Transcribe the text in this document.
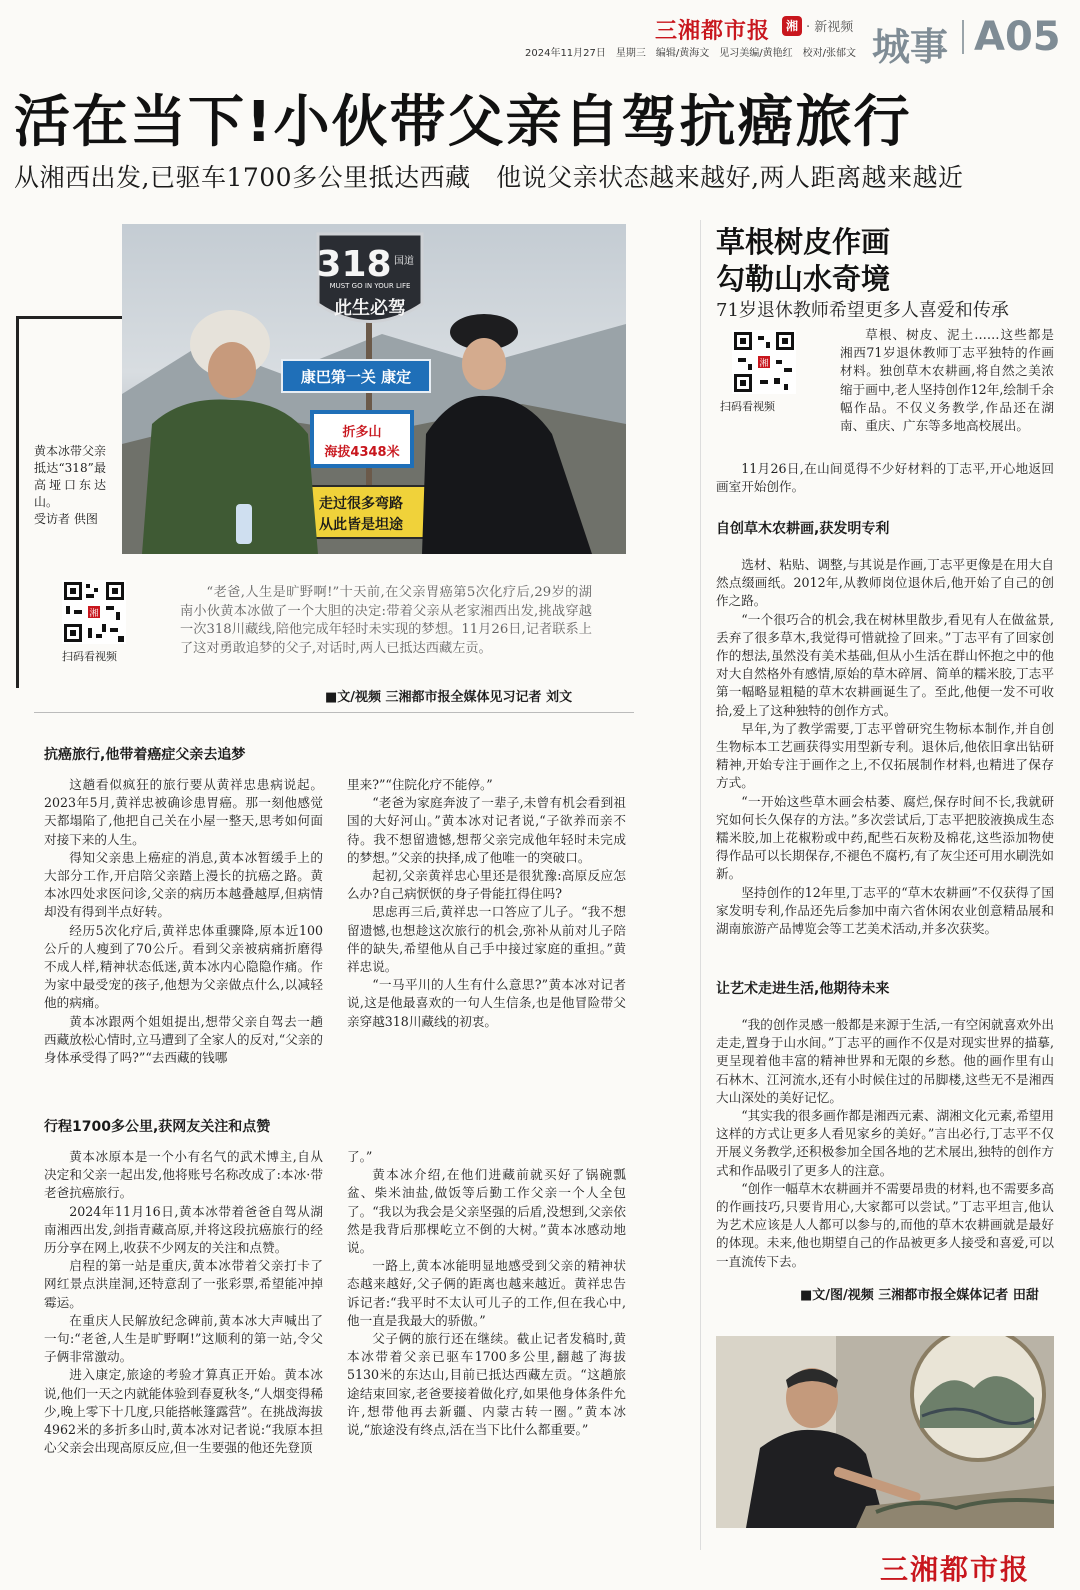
三湘都市报	湘 · 新视频
2024年11月27日　星期三　编辑/黄海文　见习美编/黄艳红　校对/张郁文 城事 A05
活在当下!小伙带父亲自驾抗癌旅行
从湘西出发,已驱车1700多公里抵达西藏　他说父亲状态越来越好,两人距离越来越近
318 国道
MUST GO IN YOUR LIFE
此生必驾
康巴第一关 康定
折多山
海拔4348米
走过很多弯路
从此皆是坦途
黄本冰带父亲抵达“318”最高垭口东达山。
受访者 供图
湘
扫码看视频

“老爸,人生是旷野啊!”十天前,在父亲胃癌第5次化疗后,29岁的湖南小伙黄本冰做了一个大胆的决定:带着父亲从老家湘西出发,挑战穿越一次318川藏线,陪他完成年轻时未实现的梦想。11月26日,记者联系上了这对勇敢追梦的父子,对话时,两人已抵达西藏左贡。

■文/视频 三湘都市报全媒体见习记者 刘文
抗癌旅行,他带着癌症父亲去追梦

这趟看似疯狂的旅行要从黄祥忠患病说起。2023年5月,黄祥忠被确诊患胃癌。那一刻他感觉天都塌陷了,他把自己关在小屋一整天,思考如何面对接下来的人生。

得知父亲患上癌症的消息,黄本冰暂缓手上的大部分工作,开启陪父亲踏上漫长的抗癌之路。黄本冰四处求医问诊,父亲的病历本越叠越厚,但病情却没有得到半点好转。

经历5次化疗后,黄祥忠体重骤降,原本近100公斤的人瘦到了70公斤。看到父亲被病痛折磨得不成人样,精神状态低迷,黄本冰内心隐隐作痛。作为家中最受宠的孩子,他想为父亲做点什么,以减轻他的病痛。

黄本冰跟两个姐姐提出,想带父亲自驾去一趟西藏放松心情时,立马遭到了全家人的反对,“父亲的身体承受得了吗?”“去西藏的钱哪

里来?”“住院化疗不能停。”

“老爸为家庭奔波了一辈子,未曾有机会看到祖国的大好河山。”黄本冰对记者说,“子欲养而亲不待。我不想留遗憾,想帮父亲完成他年轻时未完成的梦想。”父亲的抉择,成了他唯一的突破口。

起初,父亲黄祥忠心里还是很犹豫:高原反应怎么办?自己病恹恹的身子骨能扛得住吗?

思虑再三后,黄祥忠一口答应了儿子。“我不想留遗憾,也想趁这次旅行的机会,弥补从前对儿子陪伴的缺失,希望他从自己手中接过家庭的重担。”黄祥忠说。

“一马平川的人生有什么意思?”黄本冰对记者说,这是他最喜欢的一句人生信条,也是他冒险带父亲穿越318川藏线的初衷。

行程1700多公里,获网友关注和点赞

黄本冰原本是一个小有名气的武术博主,自从决定和父亲一起出发,他将账号名称改成了:本冰·带老爸抗癌旅行。

2024年11月16日,黄本冰带着爸爸自驾从湖南湘西出发,剑指青藏高原,并将这段抗癌旅行的经历分享在网上,收获不少网友的关注和点赞。

启程的第一站是重庆,黄本冰带着父亲打卡了网红景点洪崖洞,还特意刮了一张彩票,希望能冲掉霉运。

在重庆人民解放纪念碑前,黄本冰大声喊出了一句:“老爸,人生是旷野啊!”这顺利的第一站,令父子俩非常激动。

进入康定,旅途的考验才算真正开始。黄本冰说,他们一天之内就能体验到春夏秋冬,“人烟变得稀少,晚上零下十几度,只能搭帐篷露营”。在挑战海拔4962米的多折多山时,黄本冰对记者说:“我原本担心父亲会出现高原反应,但一生要强的他还先登顶

了。”

黄本冰介绍,在他们进藏前就买好了锅碗瓢盆、柴米油盐,做饭等后勤工作父亲一个人全包了。“我以为我会是父亲坚强的后盾,没想到,父亲依然是我背后那棵屹立不倒的大树。”黄本冰感动地说。

一路上,黄本冰能明显地感受到父亲的精神状态越来越好,父子俩的距离也越来越近。黄祥忠告诉记者:“我平时不太认可儿子的工作,但在我心中,他一直是我最大的骄傲。”

父子俩的旅行还在继续。截止记者发稿时,黄本冰带着父亲已驱车1700多公里,翻越了海拔5130米的东达山,目前已抵达西藏左贡。“这趟旅途结束回家,老爸要接着做化疗,如果他身体条件允许,想带他再去新疆、内蒙古转一圈。”黄本冰说,“旅途没有终点,活在当下比什么都重要。”

草根树皮作画
勾勒山水奇境
71岁退休教师希望更多人喜爱和传承
湘
扫码看视频

草根、树皮、泥土……这些都是湘西71岁退休教师丁志平独特的作画材料。独创草木农耕画,将自然之美浓缩于画中,老人坚持创作12年,绘制千余幅作品。不仅义务教学,作品还在湖南、重庆、广东等多地高校展出。

11月26日,在山间觅得不少好材料的丁志平,开心地返回画室开始创作。

自创草木农耕画,获发明专利

选材、粘贴、调整,与其说是作画,丁志平更像是在用大自然点缀画纸。2012年,从教师岗位退休后,他开始了自己的创作之路。

“一个很巧合的机会,我在树林里散步,看见有人在做盆景,丢弃了很多草木,我觉得可惜就捡了回来。”丁志平有了回家创作的想法,虽然没有美术基础,但从小生活在群山怀抱之中的他对大自然格外有感情,原始的草木碎屑、简单的糯米胶,丁志平第一幅略显粗糙的草木农耕画诞生了。至此,他便一发不可收拾,爱上了这种独特的创作方式。

早年,为了教学需要,丁志平曾研究生物标本制作,并自创生物标本工艺画获得实用型新专利。退休后,他依旧拿出钻研精神,开始专注于画作之上,不仅拓展制作材料,也精进了保存方式。

“一开始这些草木画会枯萎、腐烂,保存时间不长,我就研究如何长久保存的方法。”多次尝试后,丁志平把胶液换成生态糯米胶,加上花椒粉或中药,配些石灰粉及棉花,这些添加物使得作品可以长期保存,不褪色不腐朽,有了灰尘还可用水刷洗如新。

坚持创作的12年里,丁志平的“草木农耕画”不仅获得了国家发明专利,作品还先后参加中南六省休闲农业创意精品展和湖南旅游产品博览会等工艺美术活动,并多次获奖。

让艺术走进生活,他期待未来

“我的创作灵感一般都是来源于生活,一有空闲就喜欢外出走走,置身于山水间。”丁志平的画作不仅是对现实世界的描摹,更呈现着他丰富的精神世界和无限的乡愁。他的画作里有山石林木、江河流水,还有小时候住过的吊脚楼,这些无不是湘西大山深处的美好记忆。

“其实我的很多画作都是湘西元素、湖湘文化元素,希望用这样的方式让更多人看见家乡的美好。”言出必行,丁志平不仅开展义务教学,还积极参加全国各地的艺术展出,独特的创作方式和作品吸引了更多人的注意。

“创作一幅草木农耕画并不需要昂贵的材料,也不需要多高的作画技巧,只要肯用心,大家都可以尝试。”丁志平坦言,他认为艺术应该是人人都可以参与的,而他的草木农耕画就是最好的体现。未来,他也期望自己的作品被更多人接受和喜爱,可以一直流传下去。

■文/图/视频 三湘都市报全媒体记者 田甜
三湘都市报
